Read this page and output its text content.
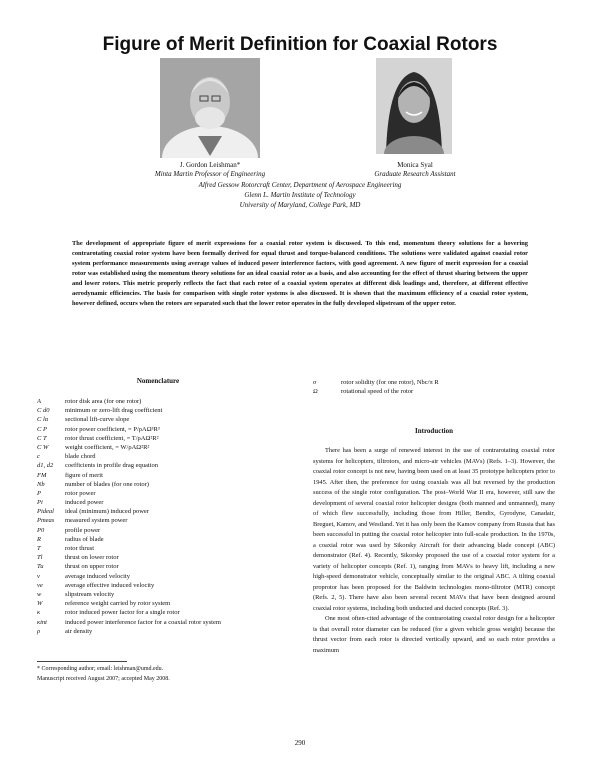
Figure of Merit Definition for Coaxial Rotors
J. Gordon Leishman*
Minta Martin Professor of Engineering
Monica Syal
Graduate Research Assistant
Alfred Gessow Rotorcraft Center, Department of Aerospace Engineering
Glenn L. Martin Institute of Technology
University of Maryland, College Park, MD
The development of appropriate figure of merit expressions for a coaxial rotor system is discussed. To this end, momentum theory solutions for a hovering contrarotating coaxial rotor system have been formally derived for equal thrust and torque-balanced conditions. The solutions were validated against coaxial rotor system performance measurements using average values of induced power interference factors, with good agreement. A new figure of merit expression for a coaxial rotor was established using the momentum theory solutions for an ideal coaxial rotor as a basis, and also accounting for the effect of thrust sharing between the upper and lower rotors. This metric properly reflects the fact that each rotor of a coaxial system operates at different disk loadings and, therefore, at different effective aerodynamic efficiencies. The basis for comparison with single rotor systems is also discussed. It is shown that the maximum efficiency of a coaxial rotor system, however defined, occurs when the rotors are separated such that the lower rotor operates in the fully developed slipstream of the upper rotor.
Nomenclature
A	rotor disk area (for one rotor)
C d0	minimum or zero-lift drag coefficient
C lα	sectional lift-curve slope
C P	rotor power coefficient, = P/ρAΩ³R³
C T	rotor thrust coefficient, = T/ρAΩ²R²
C W	weight coefficient, = W/ρAΩ²R²
c	blade chord
d1, d2	coefficients in profile drag equation
FM	figure of merit
Nb	number of blades (for one rotor)
P	rotor power
Pi	induced power
Pideal	ideal (minimum) induced power
Pmeas	measured system power
P0	profile power
R	radius of blade
T	rotor thrust
Tl	thrust on lower rotor
Tu	thrust on upper rotor
v	average induced velocity
ve	average effective induced velocity
w	slipstream velocity
W	reference weight carried by rotor system
κ	rotor induced power factor for a single rotor
κint	induced power interference factor for a coaxial rotor system
ρ	air density
σ	rotor solidity (for one rotor), Nbc/π R
Ω	rotational speed of the rotor
* Corresponding author; email: leishman@umd.edu.
Manuscript received August 2007; accepted May 2008.
Introduction

There has been a surge of renewed interest in the use of contrarotating coaxial rotor systems for helicopters, tiltrotors, and micro-air vehicles (MAVs) (Refs. 1–3). However, the coaxial rotor concept is not new, having been used on at least 35 prototype helicopters prior to 1945. After then, the preference for using coaxials was all but reversed by the production success of the single rotor configuration. The post–World War II era, however, still saw the development of several coaxial rotor helicopter designs (both manned and unmanned), many of which flew successfully, including those from Hiller, Bendix, Gyrodyne, Canadair, Breguet, Kamov, and Westland. Yet it has only been the Kamov company from Russia that has been successful in putting the coaxial rotor helicopter into full-scale production. In the 1970s, a coaxial rotor was used by Sikorsky Aircraft for their advancing blade concept (ABC) demonstrator (Ref. 4). Recently, Sikorsky proposed the use of a coaxial rotor system for a variety of helicopter concepts (Ref. 1), ranging from MAVs to heavy lift, including a new high-speed demonstrator vehicle, conceptually similar to the original ABC. A tilting coaxial proprotor has been proposed for the Baldwin technologies mono-tiltrotor (MTR) concept (Refs. 2, 5). There have also been several recent MAVs that have been designed around coaxial rotor systems, including both unducted and ducted concepts (Ref. 3).

One most often-cited advantage of the contrarotating coaxial rotor design for a helicopter is that overall rotor diameter can be reduced (for a given vehicle gross weight) because the thrust vector from each rotor is directed vertically upward, and so each rotor provides a maximum

290
